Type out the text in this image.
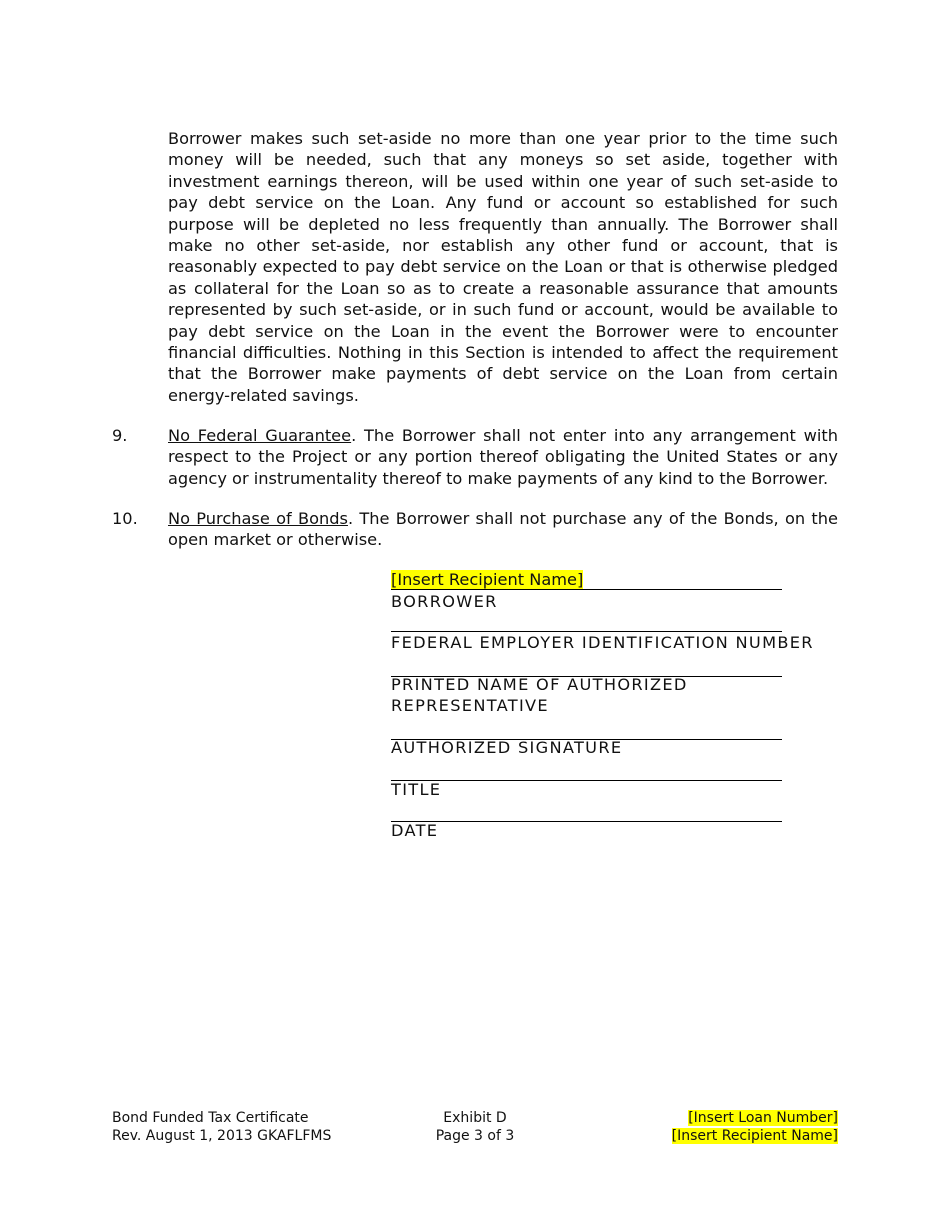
Borrower makes such set-aside no more than one year prior to the time such money will be needed, such that any moneys so set aside, together with investment earnings thereon, will be used within one year of such set-aside to pay debt service on the Loan. Any fund or account so established for such purpose will be depleted no less frequently than annually. The Borrower shall make no other set-aside, nor establish any other fund or account, that is reasonably expected to pay debt service on the Loan or that is otherwise pledged as collateral for the Loan so as to create a reasonable assurance that amounts represented by such set-aside, or in such fund or account, would be available to pay debt service on the Loan in the event the Borrower were to encounter financial difficulties. Nothing in this Section is intended to affect the requirement that the Borrower make payments of debt service on the Loan from certain energy-related savings.
9.	No Federal Guarantee. The Borrower shall not enter into any arrangement with respect to the Project or any portion thereof obligating the United States or any agency or instrumentality thereof to make payments of any kind to the Borrower.
10. No Purchase of Bonds. The Borrower shall not purchase any of the Bonds, on the open market or otherwise.
[Insert Recipient Name]
BORROWER
FEDERAL EMPLOYER IDENTIFICATION NUMBER
PRINTED NAME OF AUTHORIZED REPRESENTATIVE
AUTHORIZED SIGNATURE
TITLE
DATE
Bond Funded Tax Certificate
Rev. August 1, 2013 GKAFLFMS
Exhibit D
Page 3 of 3
[Insert Loan Number]
[Insert Recipient Name]
